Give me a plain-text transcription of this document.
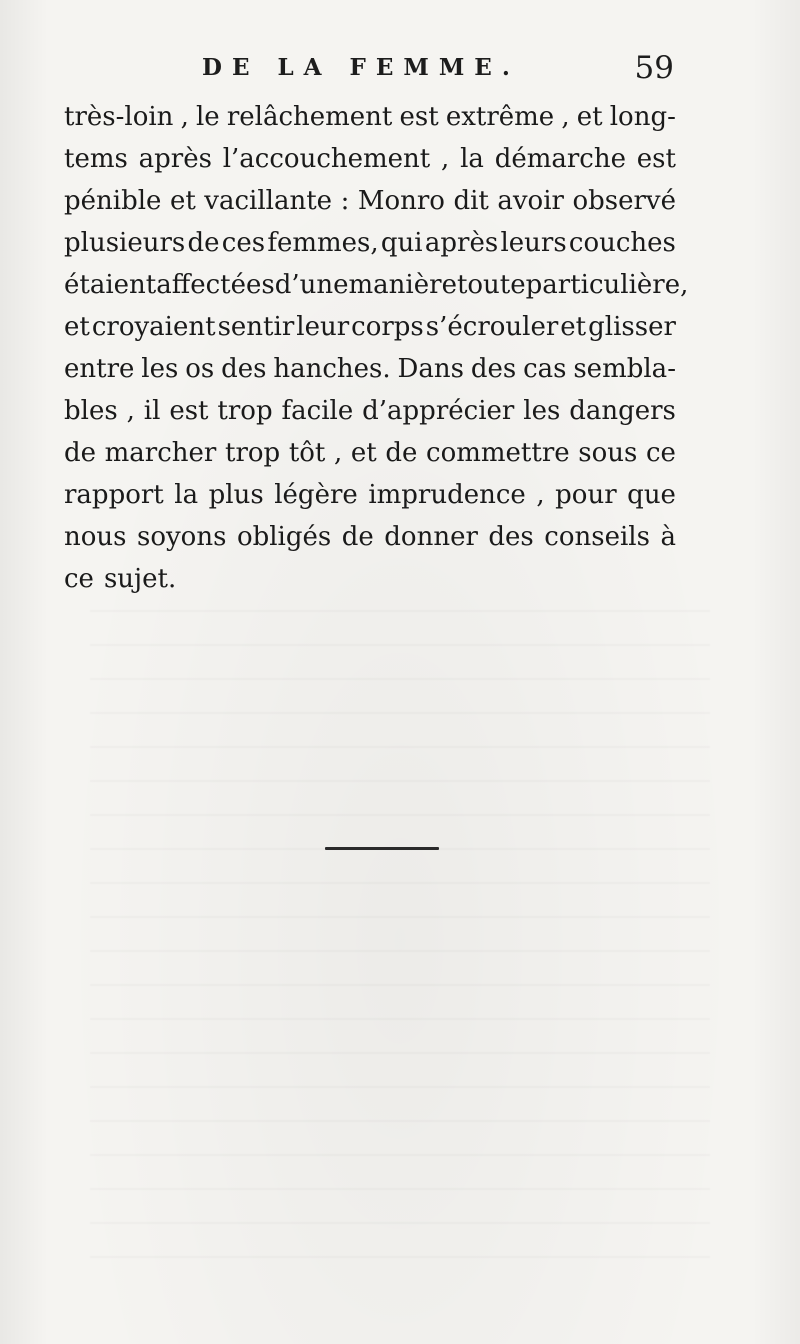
DE LA FEMME.	59
très-loin , le relâchement est extrême , et long-
tems après l’accouchement , la démarche est
pénible et vacillante : Monro dit avoir observé
plusieurs de ces femmes, qui après leurs couches
étaient affectées d’une manière toute particulière,
et croyaient sentir leur corps s’écrouler et glisser
entre les os des hanches. Dans des cas sembla-
bles , il est trop facile d’apprécier les dangers
de marcher trop tôt , et de commettre sous ce
rapport la plus légère imprudence , pour que
nous soyons obligés de donner des conseils à
ce sujet.
